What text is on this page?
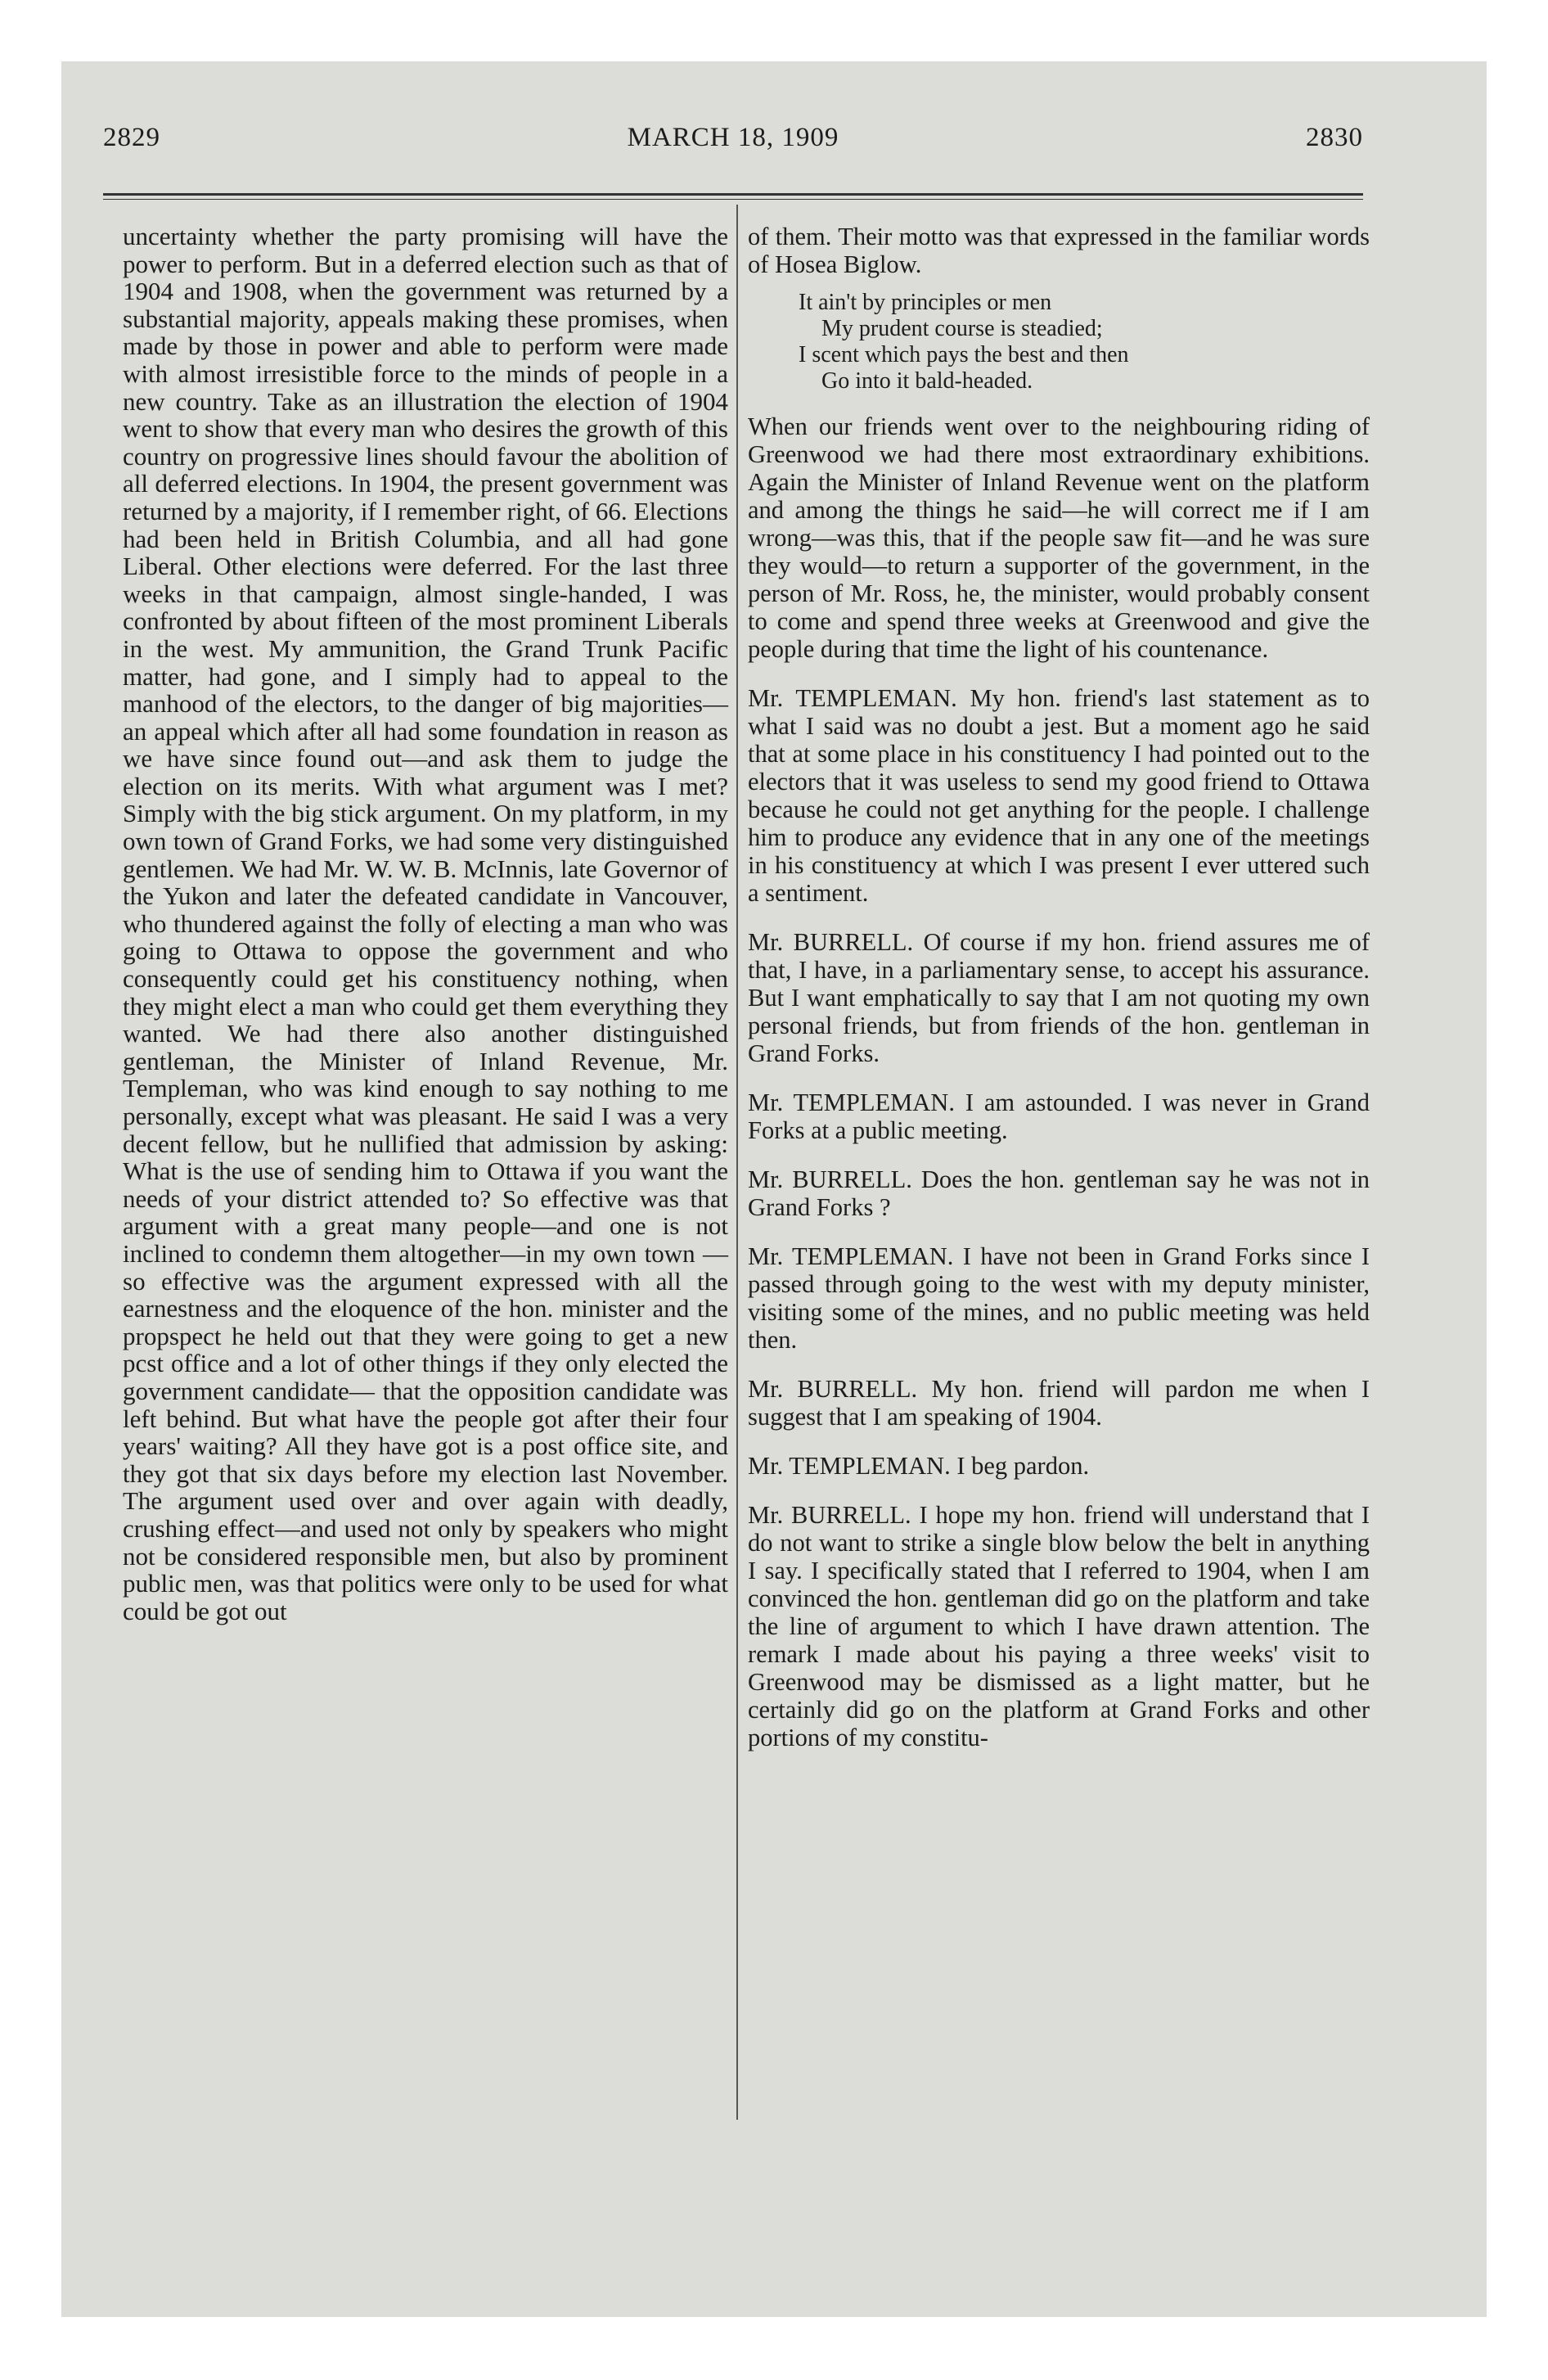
2829	MARCH 18, 1909	2830

uncertainty whether the party promising will have the power to perform. But in a deferred election such as that of 1904 and 1908, when the government was returned by a substantial majority, appeals making these promises, when made by those in power and able to perform were made with almost irresistible force to the minds of people in a new country. Take as an illustration the election of 1904 went to show that every man who desires the growth of this country on progressive lines should favour the abolition of all deferred elections. In 1904, the present government was returned by a majority, if I remember right, of 66. Elections had been held in British Columbia, and all had gone Liberal. Other elections were deferred. For the last three weeks in that campaign, almost single-handed, I was confronted by about fifteen of the most prominent Liberals in the west. My ammunition, the Grand Trunk Pacific matter, had gone, and I simply had to appeal to the manhood of the electors, to the danger of big majorities—an appeal which after all had some foundation in reason as we have since found out—and ask them to judge the election on its merits. With what argument was I met? Simply with the big stick argument. On my platform, in my own town of Grand Forks, we had some very distinguished gentlemen. We had Mr. W. W. B. McInnis, late Governor of the Yukon and later the defeated candidate in Vancouver, who thundered against the folly of electing a man who was going to Ottawa to oppose the government and who consequently could get his constituency nothing, when they might elect a man who could get them everything they wanted. We had there also another distinguished gentleman, the Minister of Inland Revenue, Mr. Templeman, who was kind enough to say nothing to me personally, except what was pleasant. He said I was a very decent fellow, but he nullified that admission by asking: What is the use of sending him to Ottawa if you want the needs of your district attended to? So effective was that argument with a great many people—and one is not inclined to condemn them altogether—in my own town —so effective was the argument expressed with all the earnestness and the eloquence of the hon. minister and the propspect he held out that they were going to get a new pcst office and a lot of other things if they only elected the government candidate— that the opposition candidate was left behind. But what have the people got after their four years' waiting? All they have got is a post office site, and they got that six days before my election last November. The argument used over and over again with deadly, crushing effect—and used not only by speakers who might not be considered responsible men, but also by prominent public men, was that politics were only to be used for what could be got out

of them. Their motto was that expressed in the familiar words of Hosea Biglow.

It ain't by principles or men
My prudent course is steadied;
I scent which pays the best and then
Go into it bald-headed.

When our friends went over to the neighbouring riding of Greenwood we had there most extraordinary exhibitions. Again the Minister of Inland Revenue went on the platform and among the things he said—he will correct me if I am wrong—was this, that if the people saw fit—and he was sure they would—to return a supporter of the government, in the person of Mr. Ross, he, the minister, would probably consent to come and spend three weeks at Greenwood and give the people during that time the light of his countenance.

Mr. TEMPLEMAN. My hon. friend's last statement as to what I said was no doubt a jest. But a moment ago he said that at some place in his constituency I had pointed out to the electors that it was useless to send my good friend to Ottawa because he could not get anything for the people. I challenge him to produce any evidence that in any one of the meetings in his constituency at which I was present I ever uttered such a sentiment.

Mr. BURRELL. Of course if my hon. friend assures me of that, I have, in a parliamentary sense, to accept his assurance. But I want emphatically to say that I am not quoting my own personal friends, but from friends of the hon. gentleman in Grand Forks.

Mr. TEMPLEMAN. I am astounded. I was never in Grand Forks at a public meeting.

Mr. BURRELL. Does the hon. gentleman say he was not in Grand Forks ?

Mr. TEMPLEMAN. I have not been in Grand Forks since I passed through going to the west with my deputy minister, visiting some of the mines, and no public meeting was held then.

Mr. BURRELL. My hon. friend will pardon me when I suggest that I am speaking of 1904.

Mr. TEMPLEMAN. I beg pardon.

Mr. BURRELL. I hope my hon. friend will understand that I do not want to strike a single blow below the belt in anything I say. I specifically stated that I referred to 1904, when I am convinced the hon. gentleman did go on the platform and take the line of argument to which I have drawn attention. The remark I made about his paying a three weeks' visit to Greenwood may be dismissed as a light matter, but he certainly did go on the platform at Grand Forks and other portions of my constitu-
